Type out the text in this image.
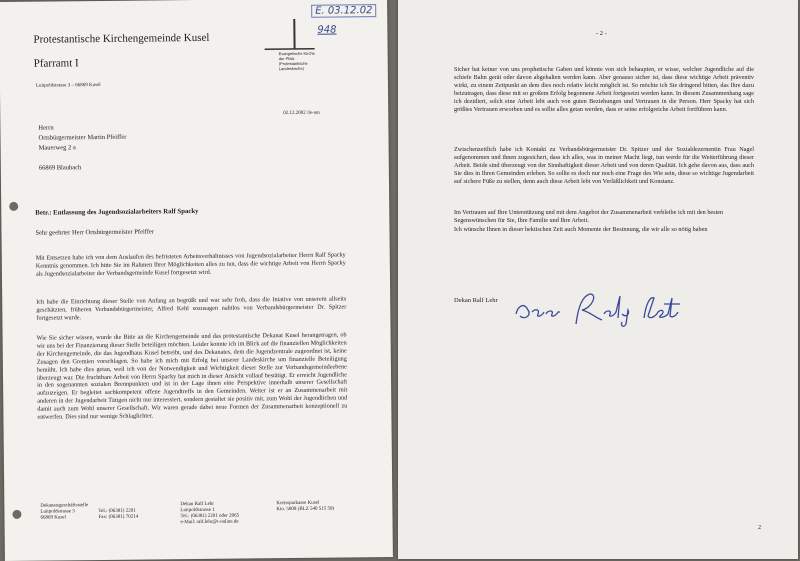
E. 03.12.02
948
Protestantische Kirchengemeinde Kusel
Pfarramt I
Luitpoldstrasse 3 – 66869 Kusel
Evangelische Kirche
der Pfalz
(Protestantische Landeskirche)
02.12.2002 /le-am
Herrn
Ortsbürgermeister Martin Pfeiffer
Mauerweg 2 a
66869 Blaubach
Betr.: Entlassung des Jugendsozialarbeiters Ralf Spacky
Sehr geehrter Herr Ortsbürgermeister Pfeiffer
Mit Entsetzen habe ich von dem Auslaufen des befristeten Arbeitsverhältnisses von Jugendsozialarbeiter Herrn Ralf Spacky Kenntnis genommen. Ich bitte Sie im Rahmen Ihrer Möglichkeiten alles zu tun, dass die wichtige Arbeit von Herrn Spacky als Jugendsozialarbeiter der Verbandsgemeinde Kusel fortgesetzt wird.
Ich habe die Einrichtung dieser Stelle von Anfang an begrüßt und war sehr froh, dass die Iniative von unserem allseits geschätzten, früheren Verbandsbürgermeister, Alfred Kehl sozusagen nahtlos von Verbandsbürgermeister Dr. Spitzer fortgesetzt wurde.
Wie Sie sicher wissen, wurde die Bitte an die Kirchengemeinde und das protestantische Dekanat Kusel herangetragen, ob wir uns bei der Finanzierung dieser Stelle beteiligen möchten. Leider konnte ich im Blick auf die finanziellen Möglichkeiten der Kirchengemeinde, die das Jugendhaus Kusel betreibt, und des Dekanates, dem die Jugendzentrale zugeordnet ist, keine Zusagen den Gremien vorschlagen. So habe ich mich mit Erfolg bei unserer Landeskirche um finanzielle Beteiligung bemüht. Ich habe dies getan, weil ich von der Notwendigkeit und Wichtigkeit dieser Stelle zur Verbandsgemeindeebene überzeugt war. Die fruchtbare Arbeit von Herrn Spacky hat mich in dieser Ansicht vollauf bestätigt. Er erreicht Jugendliche in den sogenannten sozialen Brennpunkten und ist in der Lage ihnen eine Perspektive innerhalb unserer Gesellschaft aufzuzeigen. Er begleitet sachkompetent offene Jugendtreffs in den Gemeinden. Weiter ist er an Zusammenarbeit mit anderen in der Jugendarbeit Tätigen nicht nur interessiert, sondern gestaltet sie positiv mit, zum Wohl der Jugendlichen und damit auch zum Wohl unserer Gesellschaft. Wir waren gerade dabei neue Formen der Zusammenarbeit konzeptionell zu entwerfen. Dies sind nur wenige Schlaglichter.
Dekanatsgeschäftsstelle
Luitpoldstrasse 3
66869 Kusel
Tel.: (06381) 2201
Fax: (06381) 70214
Dekan Ralf Lehr
Luitpoldstrasse 1
Tel.: (06381) 2201 oder 2065
e-Mail: ralf.lehr@t-online.de
Kreissparkasse Kusel
Kto. 5009 (BLZ 540 515 50)
- 2 -
Sicher hat keiner von uns prophetische Gaben und könnte von sich behaupten, er wisse, welcher Jugendliche auf die schiefe Bahn gerät oder davon abgehalten werden kann. Aber genauso sicher ist, dass diese wichtige Arbeit präventiv wirkt, zu einem Zeitpunkt an dem dies noch relativ leicht möglich ist. So möchte ich Sie dringend bitten, das Ihre dazu beizutragen, dass diese mit so großem Erfolg begonnene Arbeit fortgesetzt werden kann. In diesem Zusammenhang sage ich dezidiert, solch eine Arbeit lebt auch von guten Beziehungen und Vertrauen in die Person. Herr Spacky hat sich größtes Vertrauen erworben und es sollte alles getan werden, dass er seine erfolgreiche Arbeit fortführen kann.
Zwischenzeitlich habe ich Kontakt zu Verbandsbürgermeister Dr. Spitzer und der Sozialdezernentin Frau Nagel aufgenommen und ihnen zugesichert, dass ich alles, was in meiner Macht liegt, tun werde für die Weiterführung dieser Arbeit. Beide sind überzeugt von der Sinnhaftigkeit dieser Arbeit und von deren Qualität. Ich gehe davon aus, dass auch Sie dies in Ihren Gemeinden erleben. So sollte es doch nur noch eine Frage des Wie sein, diese so wichtige Jugendarbeit auf sichere Füße zu stellen, denn auch diese Arbeit lebt von Verläßlichkeit und Konstanz.
Im Vertrauen auf Ihre Unterstützung und mit dem Angebot der Zusammenarbeit verbleibe ich mit den besten Segenswünschen für Sie, Ihre Familie und Ihre Arbeit.
Ich wünsche Ihnen in dieser hektischen Zeit auch Momente der Besinnung, die wir alle so nötig haben
Dekan Ralf Lehr
2
